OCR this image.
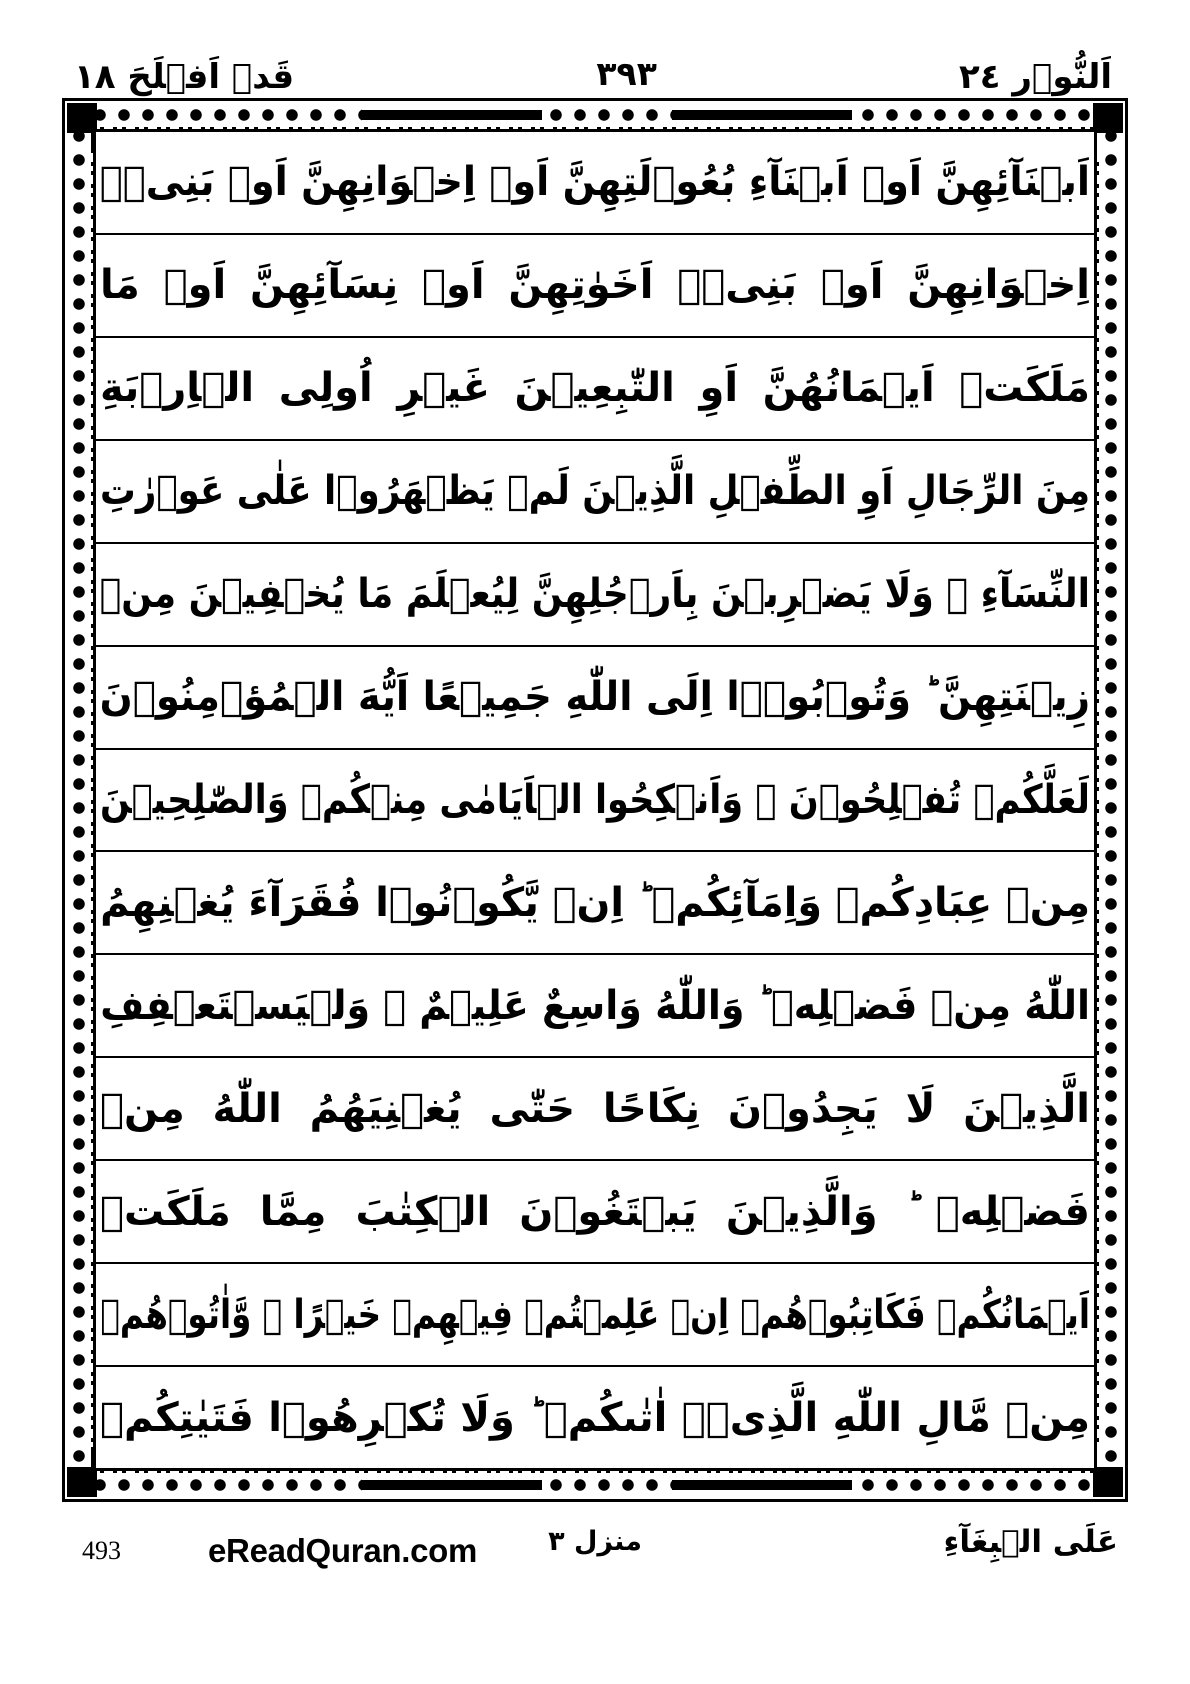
اَلنُّوۡر ٢٤
٣٩٣
قَدۡ اَفۡلَحَ ١٨
اَبۡنَآئِهِنَّ اَوۡ اَبۡنَآءِ بُعُوۡلَتِهِنَّ اَوۡ اِخۡوَانِهِنَّ اَوۡ بَنِىۡۤ
اِخۡوَانِهِنَّ اَوۡ بَنِىۡۤ اَخَوٰتِهِنَّ اَوۡ نِسَآئِهِنَّ اَوۡ مَا
مَلَكَتۡ اَيۡمَانُهُنَّ اَوِ التّٰبِعِيۡنَ غَيۡرِ اُولِى الۡاِرۡبَةِ
مِنَ الرِّجَالِ اَوِ الطِّفۡلِ الَّذِيۡنَ لَمۡ يَظۡهَرُوۡا عَلٰى عَوۡرٰتِ
النِّسَآءِ ۪ وَلَا يَضۡرِبۡنَ بِاَرۡجُلِهِنَّ لِيُعۡلَمَ مَا يُخۡفِيۡنَ مِنۡ
زِيۡنَتِهِنَّ ؕ وَتُوۡبُوۡۤا اِلَى اللّٰهِ جَمِيۡعًا اَيُّهَ الۡمُؤۡمِنُوۡنَ
لَعَلَّكُمۡ تُفۡلِحُوۡنَ ۞ وَاَنۡكِحُوا الۡاَيَامٰى مِنۡكُمۡ وَالصّٰلِحِيۡنَ
مِنۡ عِبَادِكُمۡ وَاِمَآئِكُمۡ ؕ اِنۡ يَّكُوۡنُوۡا فُقَرَآءَ يُغۡنِهِمُ
اللّٰهُ مِنۡ فَضۡلِهٖ ؕ وَاللّٰهُ وَاسِعٌ عَلِيۡمٌ ۞ وَلۡيَسۡتَعۡفِفِ
الَّذِيۡنَ لَا يَجِدُوۡنَ نِكَاحًا حَتّٰى يُغۡنِيَهُمُ اللّٰهُ مِنۡ
فَضۡلِهٖ ؕ وَالَّذِيۡنَ يَبۡتَغُوۡنَ الۡكِتٰبَ مِمَّا مَلَكَتۡ
اَيۡمَانُكُمۡ فَكَاتِبُوۡهُمۡ اِنۡ عَلِمۡتُمۡ فِيۡهِمۡ خَيۡرًا ۖ وَّاٰتُوۡهُمۡ
مِنۡ مَّالِ اللّٰهِ الَّذِىۡۤ اٰتٰٮكُمۡ ؕ وَلَا تُكۡرِهُوۡا فَتَيٰتِكُمۡ
عَلَى الۡبِغَآءِ
منزل ٣
eReadQuran.com
493
